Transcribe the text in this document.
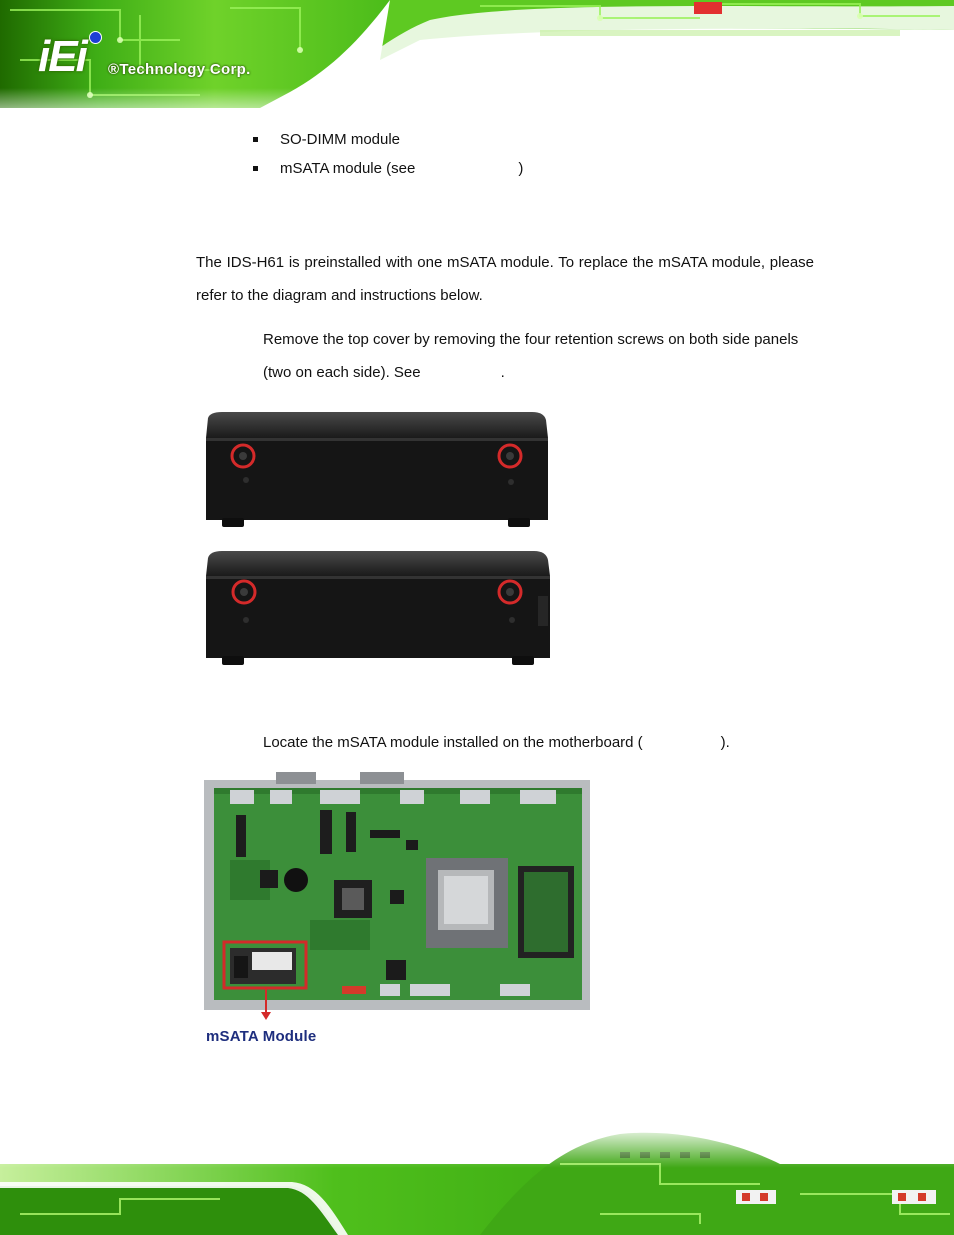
iEi ®Technology Corp.
SO-DIMM module
mSATA module (see	)
The IDS-H61 is preinstalled with one mSATA module. To replace the mSATA module, please refer to the diagram and instructions below.
Remove the top cover by removing the four retention screws on both side panels
(two on each side). See	.
Locate the mSATA module installed on the motherboard (	).
mSATA Module
